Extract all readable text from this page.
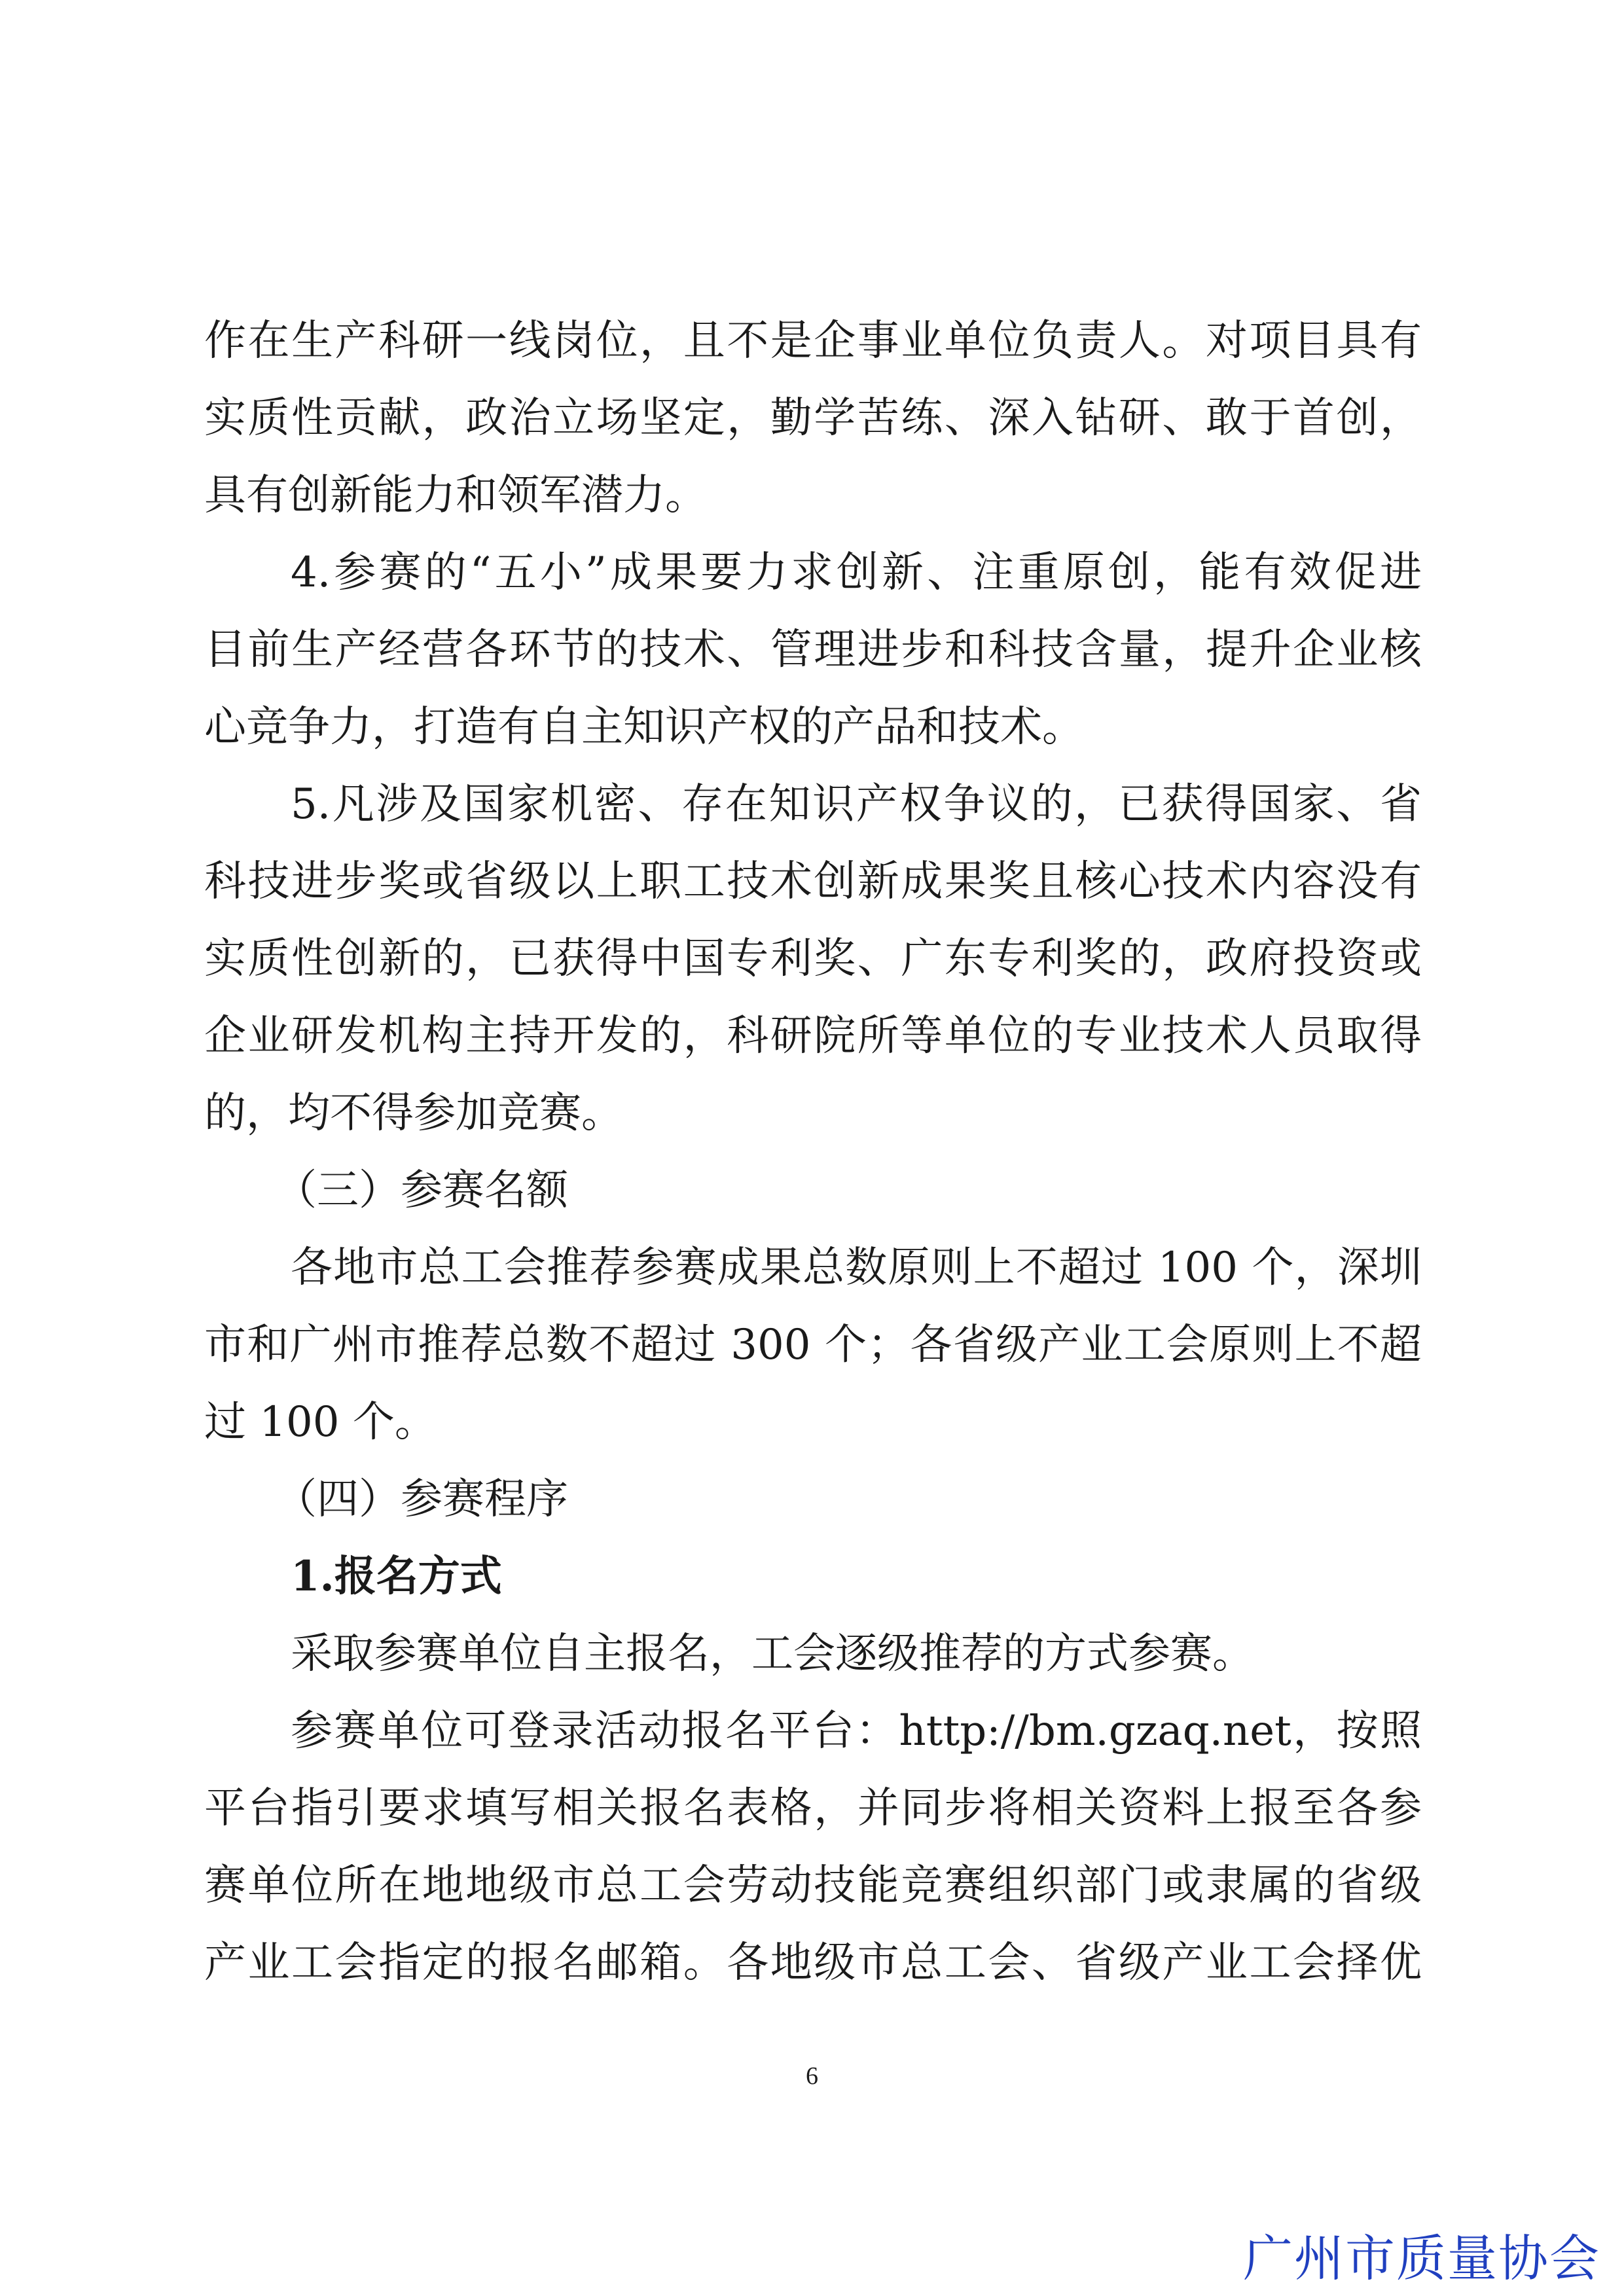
作在生产科研一线岗位，且不是企事业单位负责人。对项目具有
实质性贡献，政治立场坚定，勤学苦练、深入钻研、敢于首创，
具有创新能力和领军潜力。
4.参赛的“五小”成果要力求创新、注重原创，能有效促进
目前生产经营各环节的技术、管理进步和科技含量，提升企业核
心竞争力，打造有自主知识产权的产品和技术。
5.凡涉及国家机密、存在知识产权争议的，已获得国家、省
科技进步奖或省级以上职工技术创新成果奖且核心技术内容没有
实质性创新的，已获得中国专利奖、广东专利奖的，政府投资或
企业研发机构主持开发的，科研院所等单位的专业技术人员取得
的，均不得参加竞赛。
（三）参赛名额
各地市总工会推荐参赛成果总数原则上不超过 100 个，深圳
市和广州市推荐总数不超过 300 个；各省级产业工会原则上不超
过 100 个。
（四）参赛程序
1.报名方式
采取参赛单位自主报名，工会逐级推荐的方式参赛。
参赛单位可登录活动报名平台：http://bm.gzaq.net，按照
平台指引要求填写相关报名表格，并同步将相关资料上报至各参
赛单位所在地地级市总工会劳动技能竞赛组织部门或隶属的省级
产业工会指定的报名邮箱。各地级市总工会、省级产业工会择优
6
广州市质量协会
